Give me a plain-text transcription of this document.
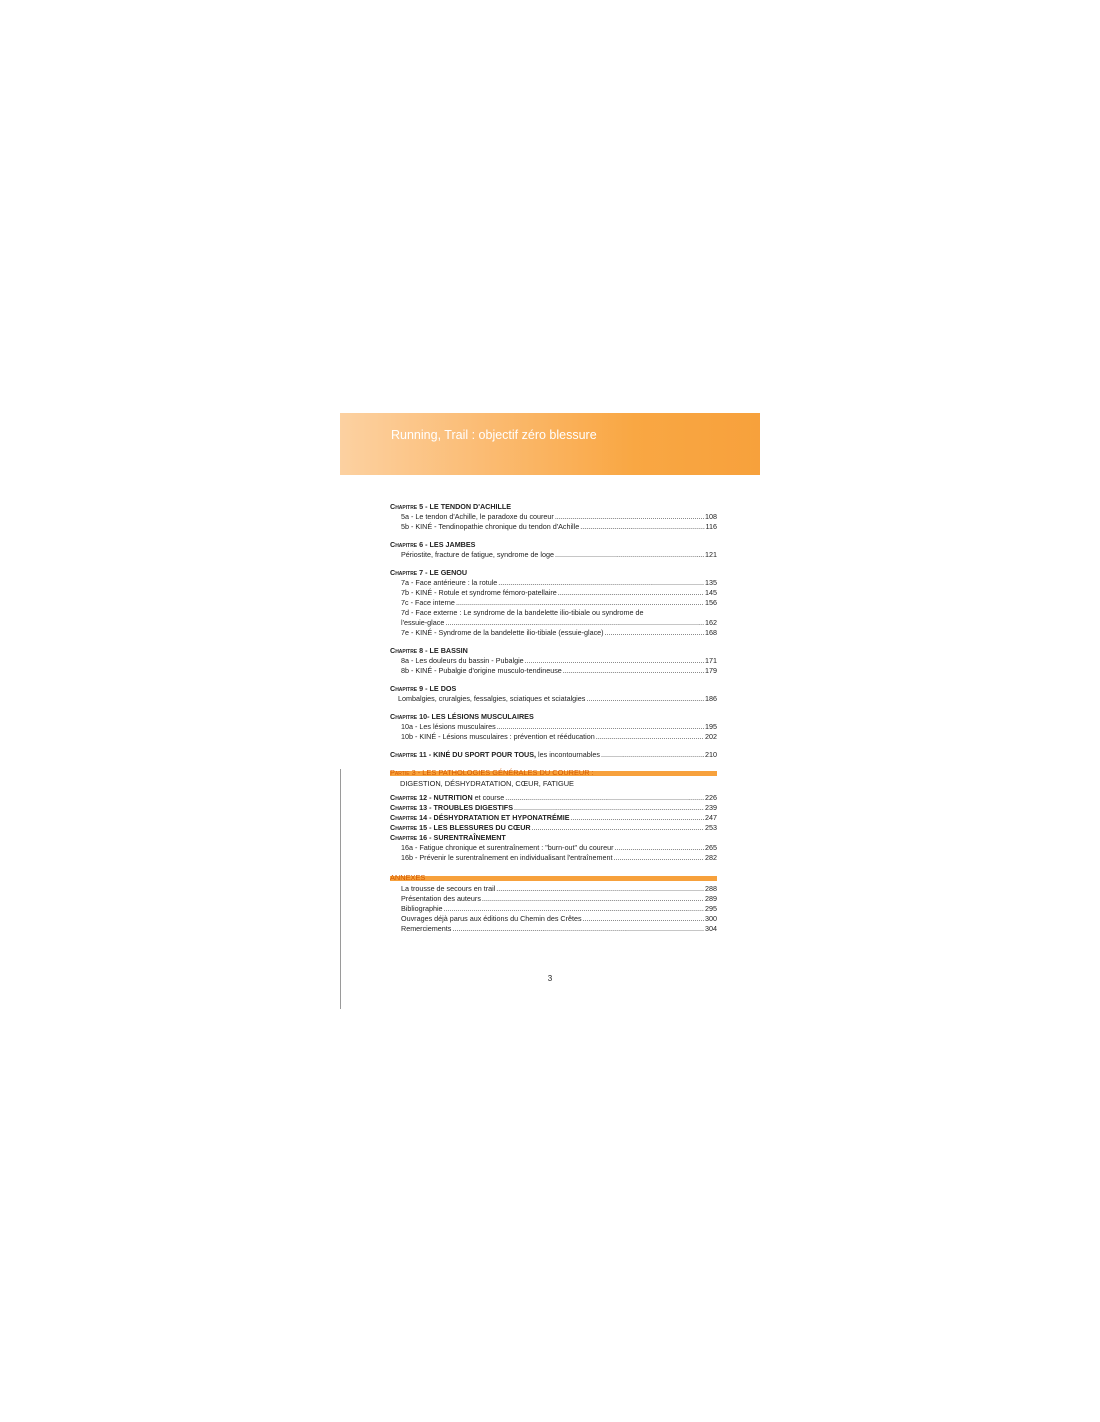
Running, Trail : objectif zéro blessure
Chapitre 5 - LE TENDON D'ACHILLE
5a - Le tendon d'Achille, le paradoxe du coureur .....	108
5b - KINÉ - Tendinopathie chronique du tendon d'Achille .....	116
Chapitre 6 - LES JAMBES
Périostite, fracture de fatigue, syndrome de loge .....	121
Chapitre 7 - LE GENOU
7a - Face antérieure : la rotule .....	135
7b - KINÉ - Rotule et syndrome fémoro-patellaire .....	145
7c - Face interne .....	156
7d - Face externe : Le syndrome de la bandelette ilio-tibiale ou syndrome de
l'essuie-glace .....	162
7e - KINÉ - Syndrome de la bandelette ilio-tibiale (essuie-glace) .....	168
Chapitre 8 - LE BASSIN
8a - Les douleurs du bassin - Pubalgie .....	171
8b - KINÉ - Pubalgie d'origine musculo-tendineuse .....	179
Chapitre 9 - LE DOS
Lombalgies, cruralgies, fessalgies, sciatiques et sciatalgies .....	186
Chapitre 10- LES LÉSIONS MUSCULAIRES
10a - Les lésions musculaires .....	195
10b - KINÉ - Lésions musculaires : prévention et rééducation .....	202
Chapitre 11 - KINÉ DU SPORT POUR TOUS, les incontournables .....	210
Partie 3 - LES PATHOLOGIES GÉNÉRALES DU COUREUR :
DIGESTION, DÉSHYDRATATION, CŒUR, FATIGUE
Chapitre 12 - NUTRITION et course .....	226
Chapitre 13 - TROUBLES DIGESTIFS .....	239
Chapitre 14 - DÉSHYDRATATION ET HYPONATRÉMIE .....	247
Chapitre 15 - LES BLESSURES DU CŒUR .....	253
Chapitre 16 - SURENTRAÎNEMENT
16a - Fatigue chronique et surentraînement : "burn-out" du coureur .....	265
16b - Prévenir le surentraînement en individualisant l'entraînement .....	282
ANNEXES
La trousse de secours en trail .....	288
Présentation des auteurs .....	289
Bibliographie .....	295
Ouvrages déjà parus aux éditions du Chemin des Crêtes .....	300
Remerciements .....	304
3
